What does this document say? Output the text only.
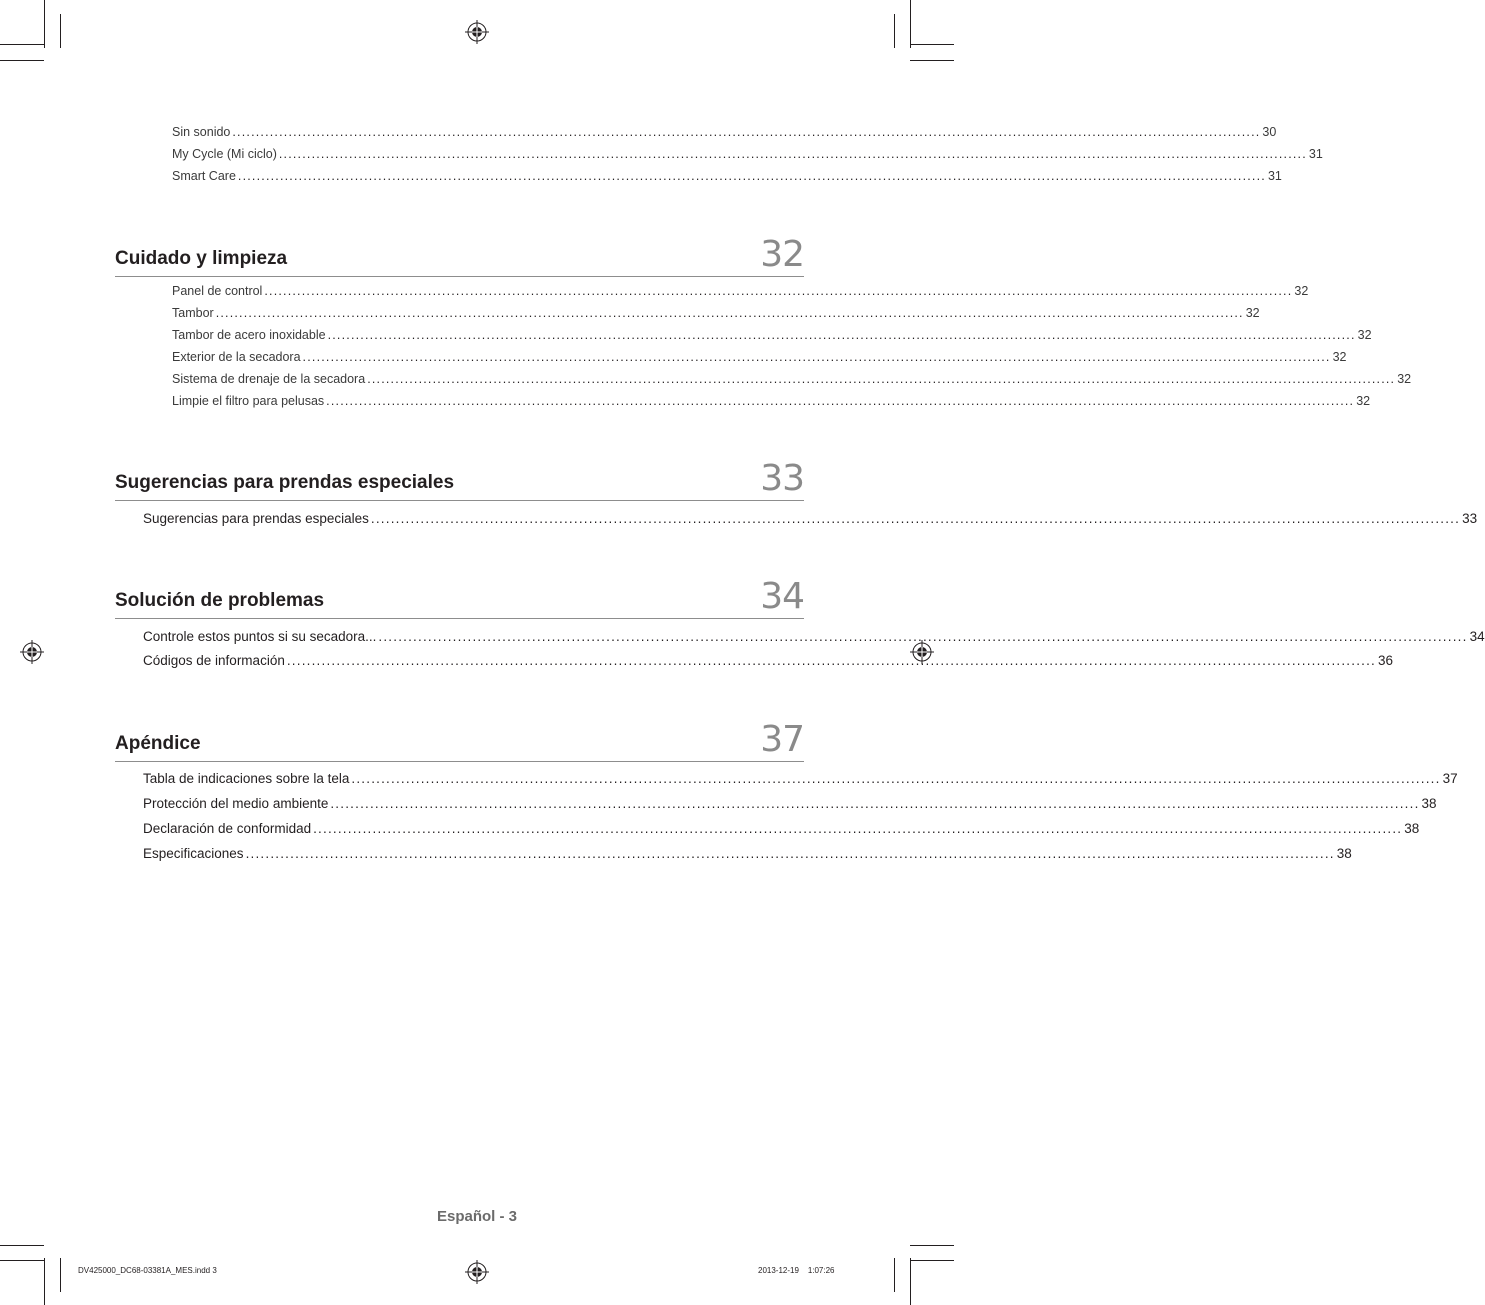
Sin sonido ............................................................................................................................................................................................................................ 30
My Cycle (Mi ciclo) ............................................................................................................................................................................................................................ 31
Smart Care ............................................................................................................................................................................................................................ 31
Cuidado y limpieza	32
Panel de control ............................................................................................................................................................................................................................ 32
Tambor ............................................................................................................................................................................................................................ 32
Tambor de acero inoxidable ............................................................................................................................................................................................................................ 32
Exterior de la secadora ............................................................................................................................................................................................................................ 32
Sistema de drenaje de la secadora ............................................................................................................................................................................................................................ 32
Limpie el filtro para pelusas ............................................................................................................................................................................................................................ 32
Sugerencias para prendas especiales	33
Sugerencias para prendas especiales ............................................................................................................................................................................................................................ 33
Solución de problemas	34
Controle estos puntos si su secadora... ............................................................................................................................................................................................................................ 34
Códigos de información ............................................................................................................................................................................................................................ 36
Apéndice	37
Tabla de indicaciones sobre la tela ............................................................................................................................................................................................................................ 37
Protección del medio ambiente ............................................................................................................................................................................................................................ 38
Declaración de conformidad ............................................................................................................................................................................................................................ 38
Especificaciones ............................................................................................................................................................................................................................ 38
Español - 3
DV425000_DC68-03381A_MES.indd 3	2013-12-19    1:07:26
